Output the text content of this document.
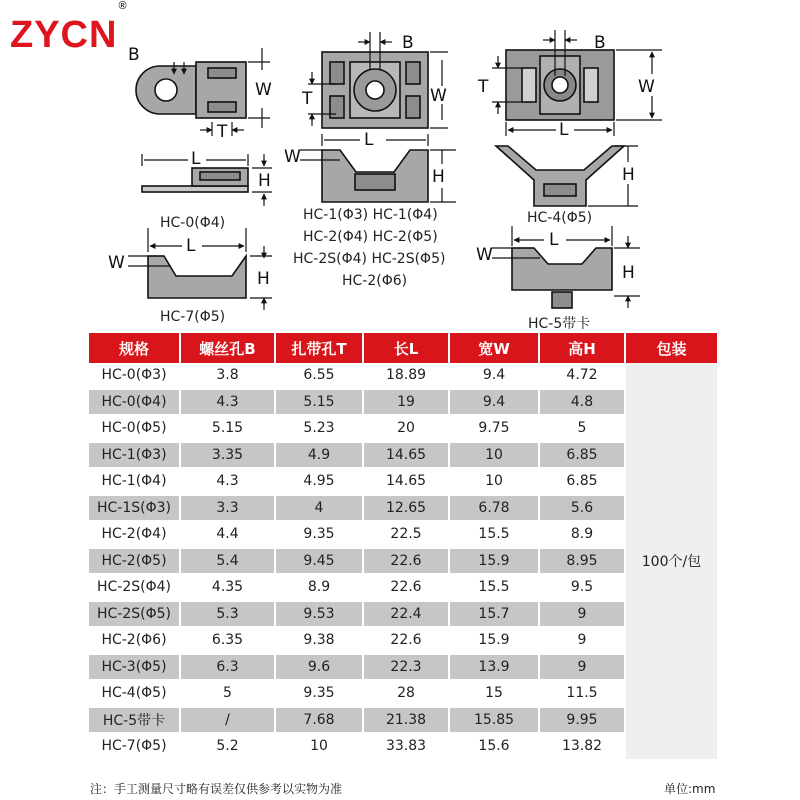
ZYCN®
B
W
T
L
H
B
T	W
L
W
H
B
T	W
L
H
W
L
H
W
L
H
HC-0(Φ4)	HC-1(Φ3) HC-1(Φ4)
HC-2(Φ4) HC-2(Φ5)
HC-2S(Φ4) HC-2S(Φ5)
HC-2(Φ6)
HC-4(Φ5)
HC-7(Φ5)	HC-5带卡
规格	螺丝孔B	扎带孔T	长L	宽W	高H	包装
HC-0(Φ3)	3.8	6.55	18.89	9.4	4.72	100个/包
HC-0(Φ4)	4.3	5.15	19	9.4	4.8	
HC-0(Φ5)	5.15	5.23	20	9.75	5	
HC-1(Φ3)	3.35	4.9	14.65	10	6.85	
HC-1(Φ4)	4.3	4.95	14.65	10	6.85	
HC-1S(Φ3)	3.3	4	12.65	6.78	5.6	
HC-2(Φ4)	4.4	9.35	22.5	15.5	8.9	
HC-2(Φ5)	5.4	9.45	22.6	15.9	8.95	
HC-2S(Φ4)	4.35	8.9	22.6	15.5	9.5	
HC-2S(Φ5)	5.3	9.53	22.4	15.7	9	
HC-2(Φ6)	6.35	9.38	22.6	15.9	9	
HC-3(Φ5)	6.3	9.6	22.3	13.9	9	
HC-4(Φ5)	5	9.35	28	15	11.5	
HC-5带卡	/	7.68	21.38	15.85	9.95	
HC-7(Φ5)	5.2	10	33.83	15.6	13.82	
注：手工测量尺寸略有误差仅供参考以实物为准	单位:mm
